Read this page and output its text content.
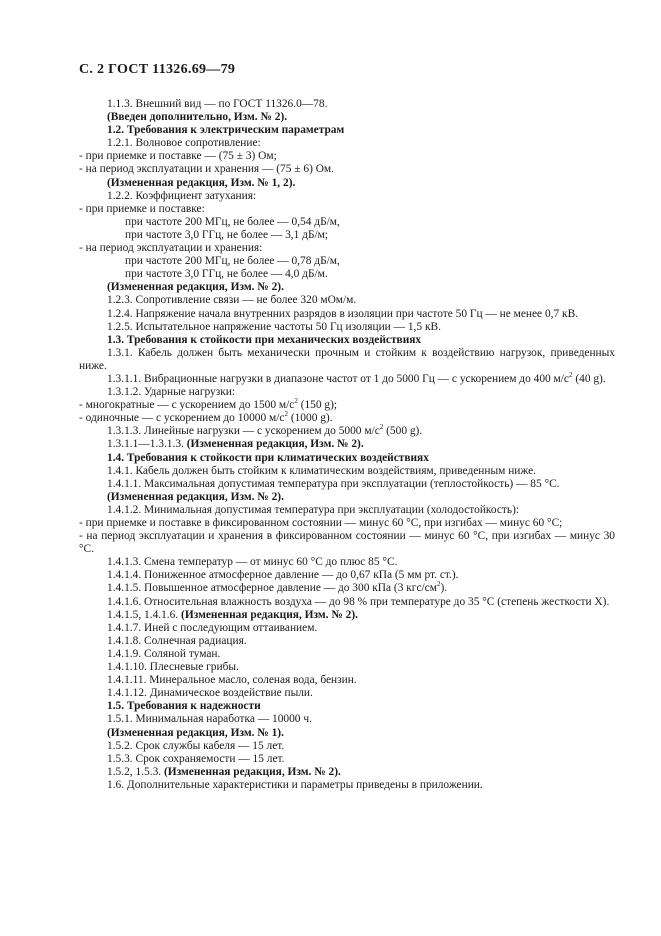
С. 2 ГОСТ 11326.69—79
1.1.3. Внешний вид — по ГОСТ 11326.0—78.
(Введен дополнительно, Изм. № 2).
1.2. Требования к электрическим параметрам
1.2.1. Волновое сопротивление:
- при приемке и поставке — (75 ± 3) Ом;
- на период эксплуатации и хранения — (75 ± 6) Ом.
(Измененная редакция, Изм. № 1, 2).
1.2.2. Коэффициент затухания:
- при приемке и поставке:
при частоте 200 МГц, не более — 0,54 дБ/м,
при частоте 3,0 ГГц, не более — 3,1 дБ/м;
- на период эксплуатации и хранения:
при частоте 200 МГц, не более — 0,78 дБ/м,
при частоте 3,0 ГГц, не более — 4,0 дБ/м.
(Измененная редакция, Изм. № 2).
1.2.3. Сопротивление связи — не более 320 мОм/м.
1.2.4. Напряжение начала внутренних разрядов в изоляции при частоте 50 Гц — не менее 0,7 кВ.
1.2.5. Испытательное напряжение частоты 50 Гц изоляции — 1,5 кВ.
1.3. Требования к стойкости при механических воздействиях
1.3.1. Кабель должен быть механически прочным и стойким к воздействию нагрузок, приведенных ниже.
1.3.1.1. Вибрационные нагрузки в диапазоне частот от 1 до 5000 Гц — с ускорением до 400 $м/с^2$ (40 g).
1.3.1.2. Ударные нагрузки:
- многократные — с ускорением до 1500 $м/с^2$ (150 g);
- одиночные — с ускорением до 10000 $м/с^2$ (1000 g).
1.3.1.3. Линейные нагрузки — с ускорением до 5000 $м/с^2$ (500 g).
1.3.1.1—1.3.1.3. (Измененная редакция, Изм. № 2).
1.4. Требования к стойкости при климатических воздействиях
1.4.1. Кабель должен быть стойким к климатическим воздействиям, приведенным ниже.
1.4.1.1. Максимальная допустимая температура при эксплуатации (теплостойкость) — 85 °С.
(Измененная редакция, Изм. № 2).
1.4.1.2. Минимальная допустимая температура при эксплуатации (холодостойкость):
- при приемке и поставке в фиксированном состоянии — минус 60 °С, при изгибах — минус 60 °С;
- на период эксплуатации и хранения в фиксированном состоянии — минус 60 °С, при изгибах — минус 30 °С.
1.4.1.3. Смена температур — от минус 60 °С до плюс 85 °С.
1.4.1.4. Пониженное атмосферное давление — до 0,67 кПа (5 мм рт. ст.).
1.4.1.5. Повышенное атмосферное давление — до 300 кПа (3 кгс/$см^2$).
1.4.1.6. Относительная влажность воздуха — до 98 % при температуре до 35 °С (степень жесткости X).
1.4.1.5, 1.4.1.6. (Измененная редакция, Изм. № 2).
1.4.1.7. Иней с последующим оттаиванием.
1.4.1.8. Солнечная радиация.
1.4.1.9. Соляной туман.
1.4.1.10. Плесневые грибы.
1.4.1.11. Минеральное масло, соленая вода, бензин.
1.4.1.12. Динамическое воздействие пыли.
1.5. Требования к надежности
1.5.1. Минимальная наработка — 10000 ч.
(Измененная редакция, Изм. № 1).
1.5.2. Срок службы кабеля — 15 лет.
1.5.3. Срок сохраняемости — 15 лет.
1.5.2, 1.5.3. (Измененная редакция, Изм. № 2).
1.6. Дополнительные характеристики и параметры приведены в приложении.
